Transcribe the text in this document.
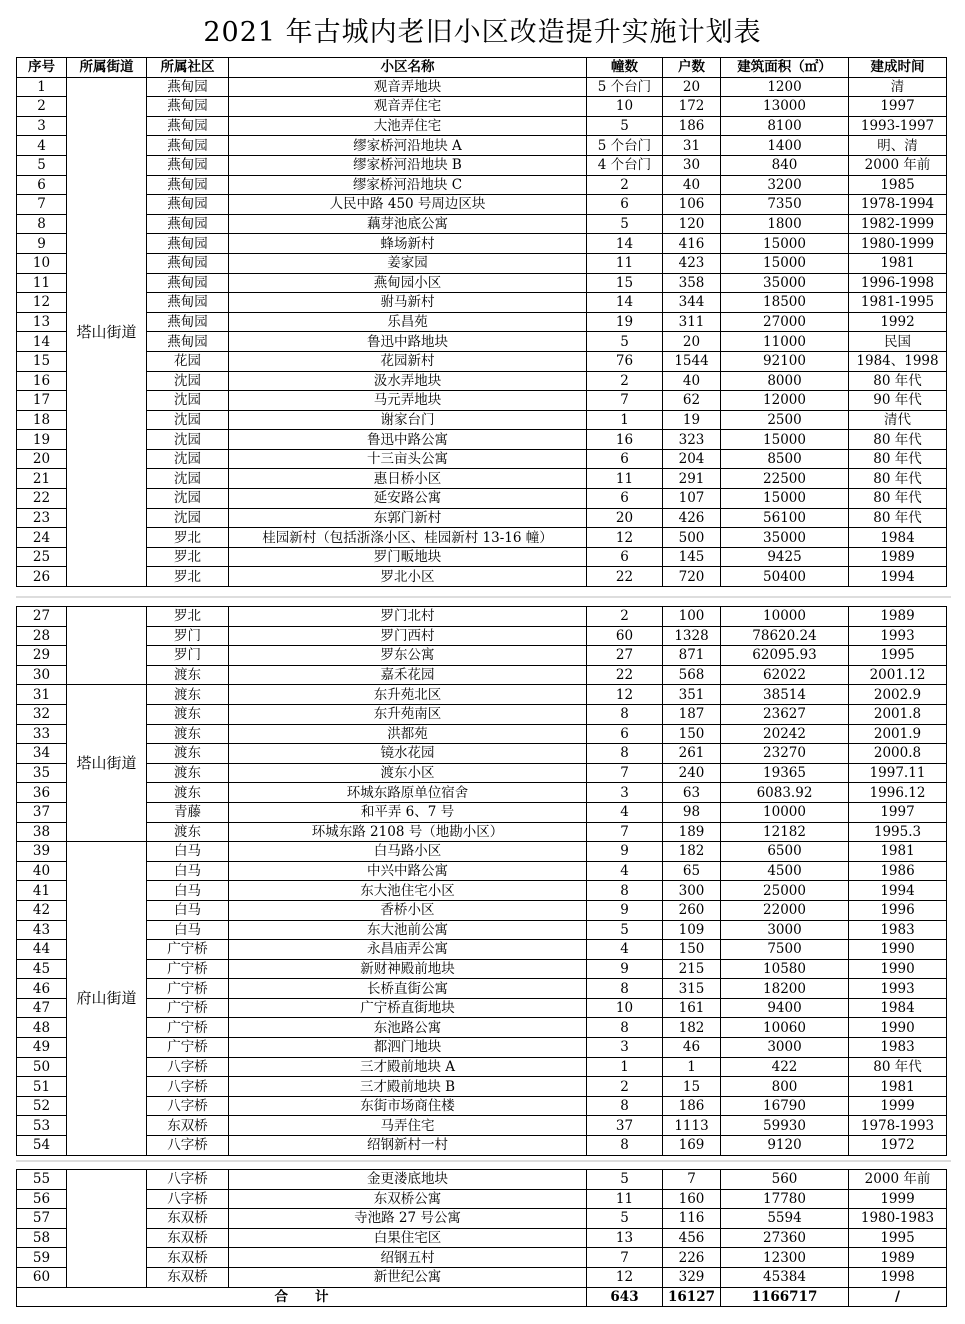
2021 年古城内老旧小区改造提升实施计划表
序号	所属街道	所属社区	小区名称	幢数	户数	建筑面积（㎡）	建成时间
1	塔山街道	燕甸园	观音弄地块	5 个台门	20	1200	清
2		燕甸园	观音弄住宅	10	172	13000	1997
3		燕甸园	大池弄住宅	5	186	8100	1993-1997
4		燕甸园	缪家桥河沿地块 A	5 个台门	31	1400	明、清
5		燕甸园	缪家桥河沿地块 B	4 个台门	30	840	2000 年前
6		燕甸园	缪家桥河沿地块 C	2	40	3200	1985
7		燕甸园	人民中路 450 号周边区块	6	106	7350	1978-1994
8		燕甸园	藕芽池底公寓	5	120	1800	1982-1999
9		燕甸园	蜂场新村	14	416	15000	1980-1999
10		燕甸园	姜家园	11	423	15000	1981
11		燕甸园	燕甸园小区	15	358	35000	1996-1998
12		燕甸园	驸马新村	14	344	18500	1981-1995
13		燕甸园	乐昌苑	19	311	27000	1992
14		燕甸园	鲁迅中路地块	5	20	11000	民国
15		花园	花园新村	76	1544	92100	1984、1998
16		沈园	汲水弄地块	2	40	8000	80 年代
17		沈园	马元弄地块	7	62	12000	90 年代
18		沈园	谢家台门	1	19	2500	清代
19		沈园	鲁迅中路公寓	16	323	15000	80 年代
20		沈园	十三亩头公寓	6	204	8500	80 年代
21		沈园	惠日桥小区	11	291	22500	80 年代
22		沈园	延安路公寓	6	107	15000	80 年代
23		沈园	东郭门新村	20	426	56100	80 年代
24		罗北	桂园新村（包括浙涤小区、桂园新村 13-16 幢）	12	500	35000	1984
25		罗北	罗门畈地块	6	145	9425	1989
26		罗北	罗北小区	22	720	50400	1994
27		罗北	罗门北村	2	100	10000	1989
28		罗门	罗门西村	60	1328	78620.24	1993
29		罗门	罗东公寓	27	871	62095.93	1995
30		渡东	嘉禾花园	22	568	62022	2001.12
31	塔山街道	渡东	东升苑北区	12	351	38514	2002.9
32		渡东	东升苑南区	8	187	23627	2001.8
33		渡东	洪都苑	6	150	20242	2001.9
34		渡东	镜水花园	8	261	23270	2000.8
35		渡东	渡东小区	7	240	19365	1997.11
36		渡东	环城东路原单位宿舍	3	63	6083.92	1996.12
37		青藤	和平弄 6、7 号	4	98	10000	1997
38		渡东	环城东路 2108 号（地勘小区）	7	189	12182	1995.3
39	府山街道	白马	白马路小区	9	182	6500	1981
40		白马	中兴中路公寓	4	65	4500	1986
41		白马	东大池住宅小区	8	300	25000	1994
42		白马	香桥小区	9	260	22000	1996
43		白马	东大池前公寓	5	109	3000	1983
44		广宁桥	永昌庙弄公寓	4	150	7500	1990
45		广宁桥	新财神殿前地块	9	215	10580	1990
46		广宁桥	长桥直街公寓	8	315	18200	1993
47		广宁桥	广宁桥直街地块	10	161	9400	1984
48		广宁桥	东池路公寓	8	182	10060	1990
49		广宁桥	都泗门地块	3	46	3000	1983
50		八字桥	三才殿前地块 A	1	1	422	80 年代
51		八字桥	三才殿前地块 B	2	15	800	1981
52		八字桥	东街市场商住楼	8	186	16790	1999
53		东双桥	马弄住宅	37	1113	59930	1978-1993
54		八字桥	绍钢新村一村	8	169	9120	1972
55		八字桥	金更溇底地块	5	7	560	2000 年前
56		八字桥	东双桥公寓	11	160	17780	1999
57		东双桥	寺池路 27 号公寓	5	116	5594	1980-1983
58		东双桥	白果住宅区	13	456	27360	1995
59		东双桥	绍钢五村	7	226	12300	1989
60		东双桥	新世纪公寓	12	329	45384	1998
合　　计				643	16127	1166717	/
